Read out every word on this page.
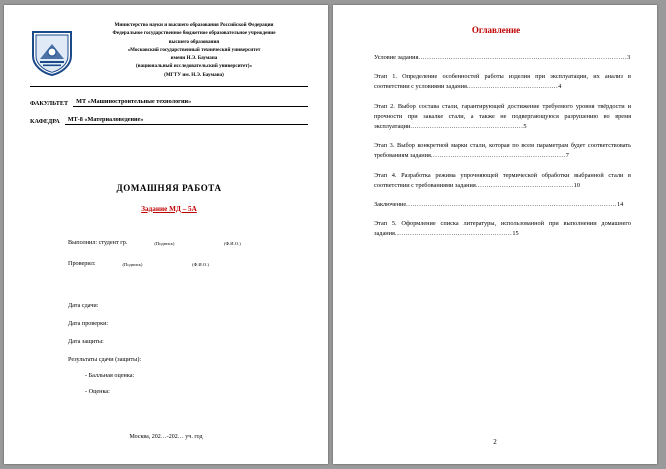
Министерство науки и высшего образования Российской Федерации
Федеральное государственное бюджетное образовательное учреждение
высшего образования
«Московский государственный технический университет
имени Н.Э. Баумана
(национальный исследовательский университет)»
(МГТУ им. Н.Э. Баумана)
ФАКУЛЬТЕТ	МТ «Машиностроительные технологии»
КАФЕДРА	МТ-8 «Материаловедение»
ДОМАШНЯЯ РАБОТА
Задание МД – 5А
Выполнил: студент гр.	(Подпись)	(Ф.И.О.)
Проверил:	(Подпись)	(Ф.И.О.)
Дата сдачи:
Дата проверки:
Дата защиты:
Результаты сдачи (защиты):
- Балльная оценка:
- Оценка:
Москва, 202…-202… уч. год
Оглавление
Условие задания................................................................................................3
Этап 1. Определение особенностей работы изделия при эксплуатации, их анализ в соответствии с условиями задания..........................................4
Этап 2. Выбор состава стали, гарантирующей достижение требуемого уровня твёрдости и прочности при закалке стали, а также не подвергающуюся разрушению во время эксплуатации....................................................5
Этап 3. Выбор конкретной марки стали, которая по всем параметрам будет соответствовать требованиям задания..............................................................7
Этап 4. Разработка режима упрочняющей термической обработки выбранной стали в соответствии с требованиями задания.............................................10
Заключение.................................................................................................14
Этап 5. Оформление списка литературы, использованной при выполнении домашнего задания......................................................15
2
